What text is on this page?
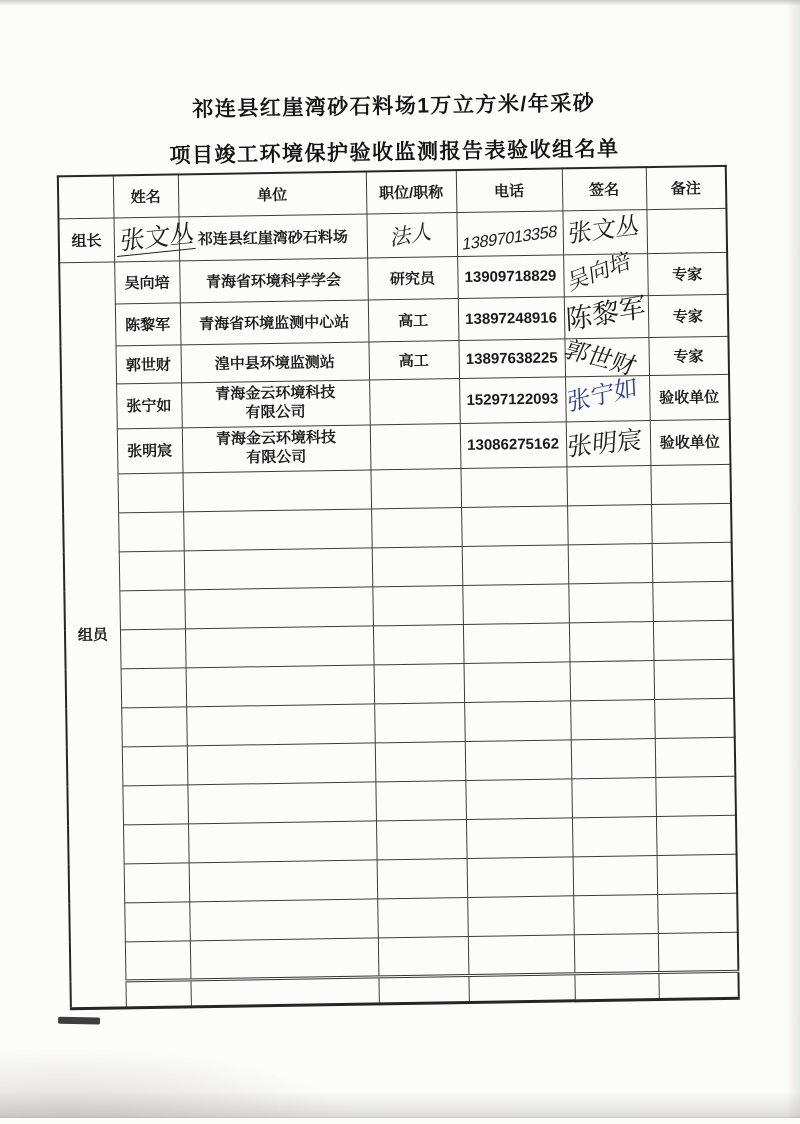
祁连县红崖湾砂石料场1万立方米/年采砂
项目竣工环境保护验收监测报告表验收组名单
	姓名	单位	职位/职称	电话	签名	备注
组长	张文丛	祁连县红崖湾砂石料场	法人	13897013358	张文丛	

组员	吴向培	青海省环境科学学会	研究员	13909718829	吴向培	专家
	陈黎军	青海省环境监测中心站	高工	13897248916	陈黎军	专家
	郭世财	湟中县环境监测站	高工	13897638225	郭世财	专家
	张宁如	青海金云环境科技有限公司		15297122093	张宁如	验收单位
	张明宸	青海金云环境科技有限公司		13086275162	张明宸	验收单位
